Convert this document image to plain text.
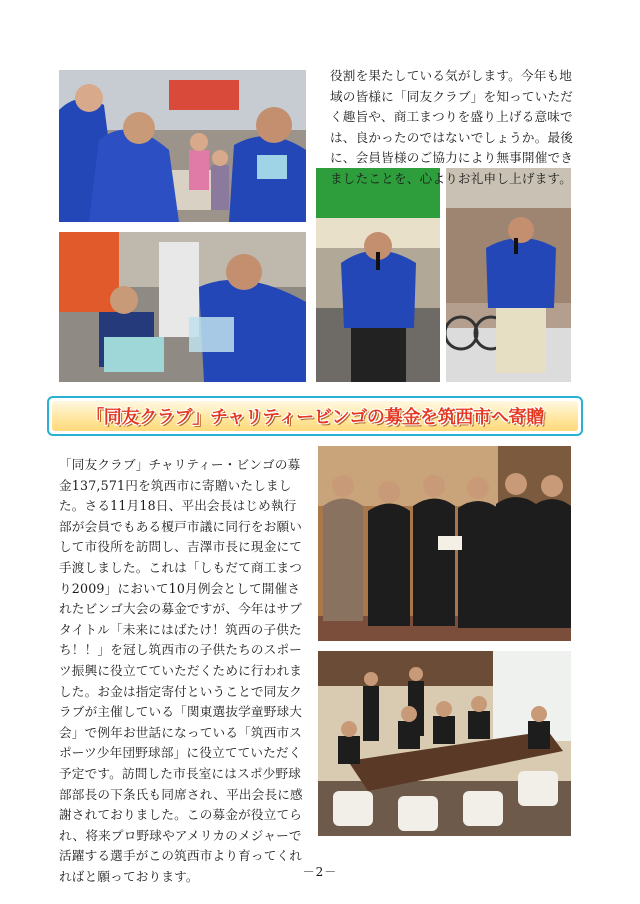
役割を果たしている気がします。今年も地域の皆様に「同友クラブ」を知っていただく趣旨や、商工まつりを盛り上げる意味では、良かったのではないでしょうか。最後に、会員皆様のご協力により無事開催できましたことを、心よりお礼申し上げます。

「同友クラブ」チャリティービンゴの募金を筑西市へ寄贈

「同友クラブ」チャリティー・ビンゴの募金137,571円を筑西市に寄贈いたしました。さる11月18日、平出会長はじめ執行部が会員でもある榎戸市議に同行をお願いして市役所を訪問し、吉澤市長に現金にて手渡しました。これは「しもだて商工まつり2009」において10月例会として開催されたビンゴ大会の募金ですが、今年はサブタイトル「未来にはばたけ！筑西の子供たち！！」を冠し筑西市の子供たちのスポーツ振興に役立てていただくために行われました。お金は指定寄付ということで同友クラブが主催している「関東選抜学童野球大会」で例年お世話になっている「筑西市スポーツ少年団野球部」に役立てていただく予定です。訪問した市長室にはスポ少野球部部長の下条氏も同席され、平出会長に感謝されておりました。この募金が役立てられ、将来プロ野球やアメリカのメジャーで活躍する選手がこの筑西市より育ってくれればと願っております。	－2－
